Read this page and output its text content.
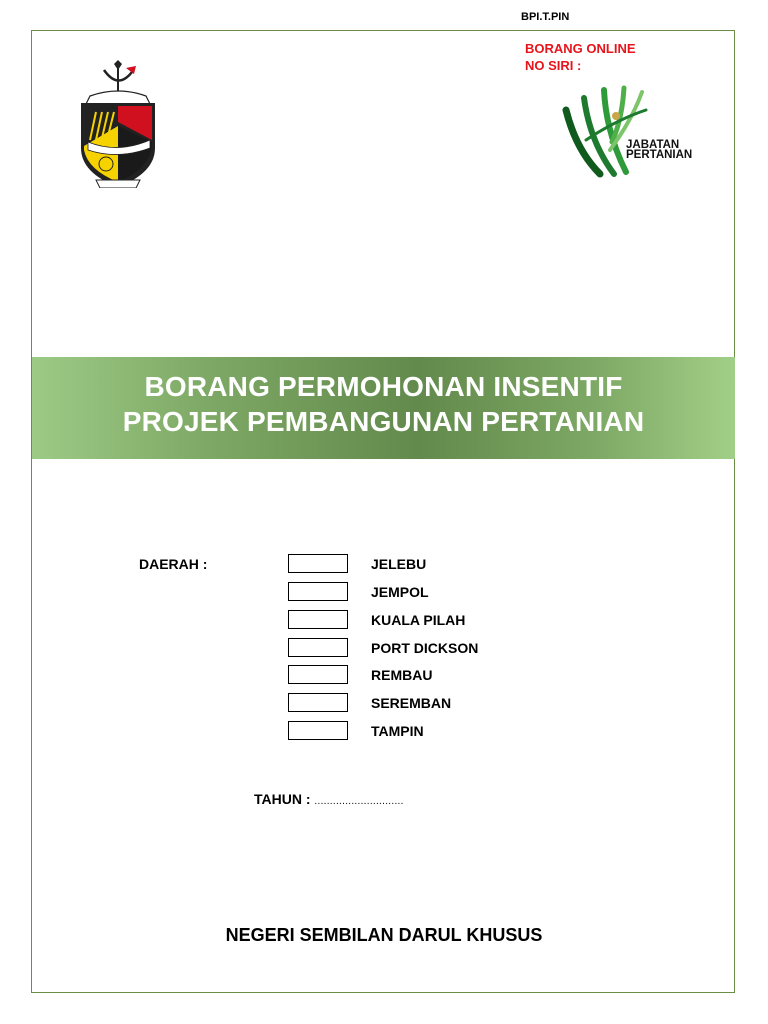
BPI.T.PIN
BORANG ONLINE
NO SIRI :
JABATAN
PERTANIAN
BORANG PERMOHONAN INSENTIF
PROJEK PEMBANGUNAN PERTANIAN
DAERAH :	JELEBU
JEMPOL
KUALA PILAH
PORT DICKSON
REMBAU
SEREMBAN
TAMPIN
TAHUN : .............................
NEGERI SEMBILAN DARUL KHUSUS
